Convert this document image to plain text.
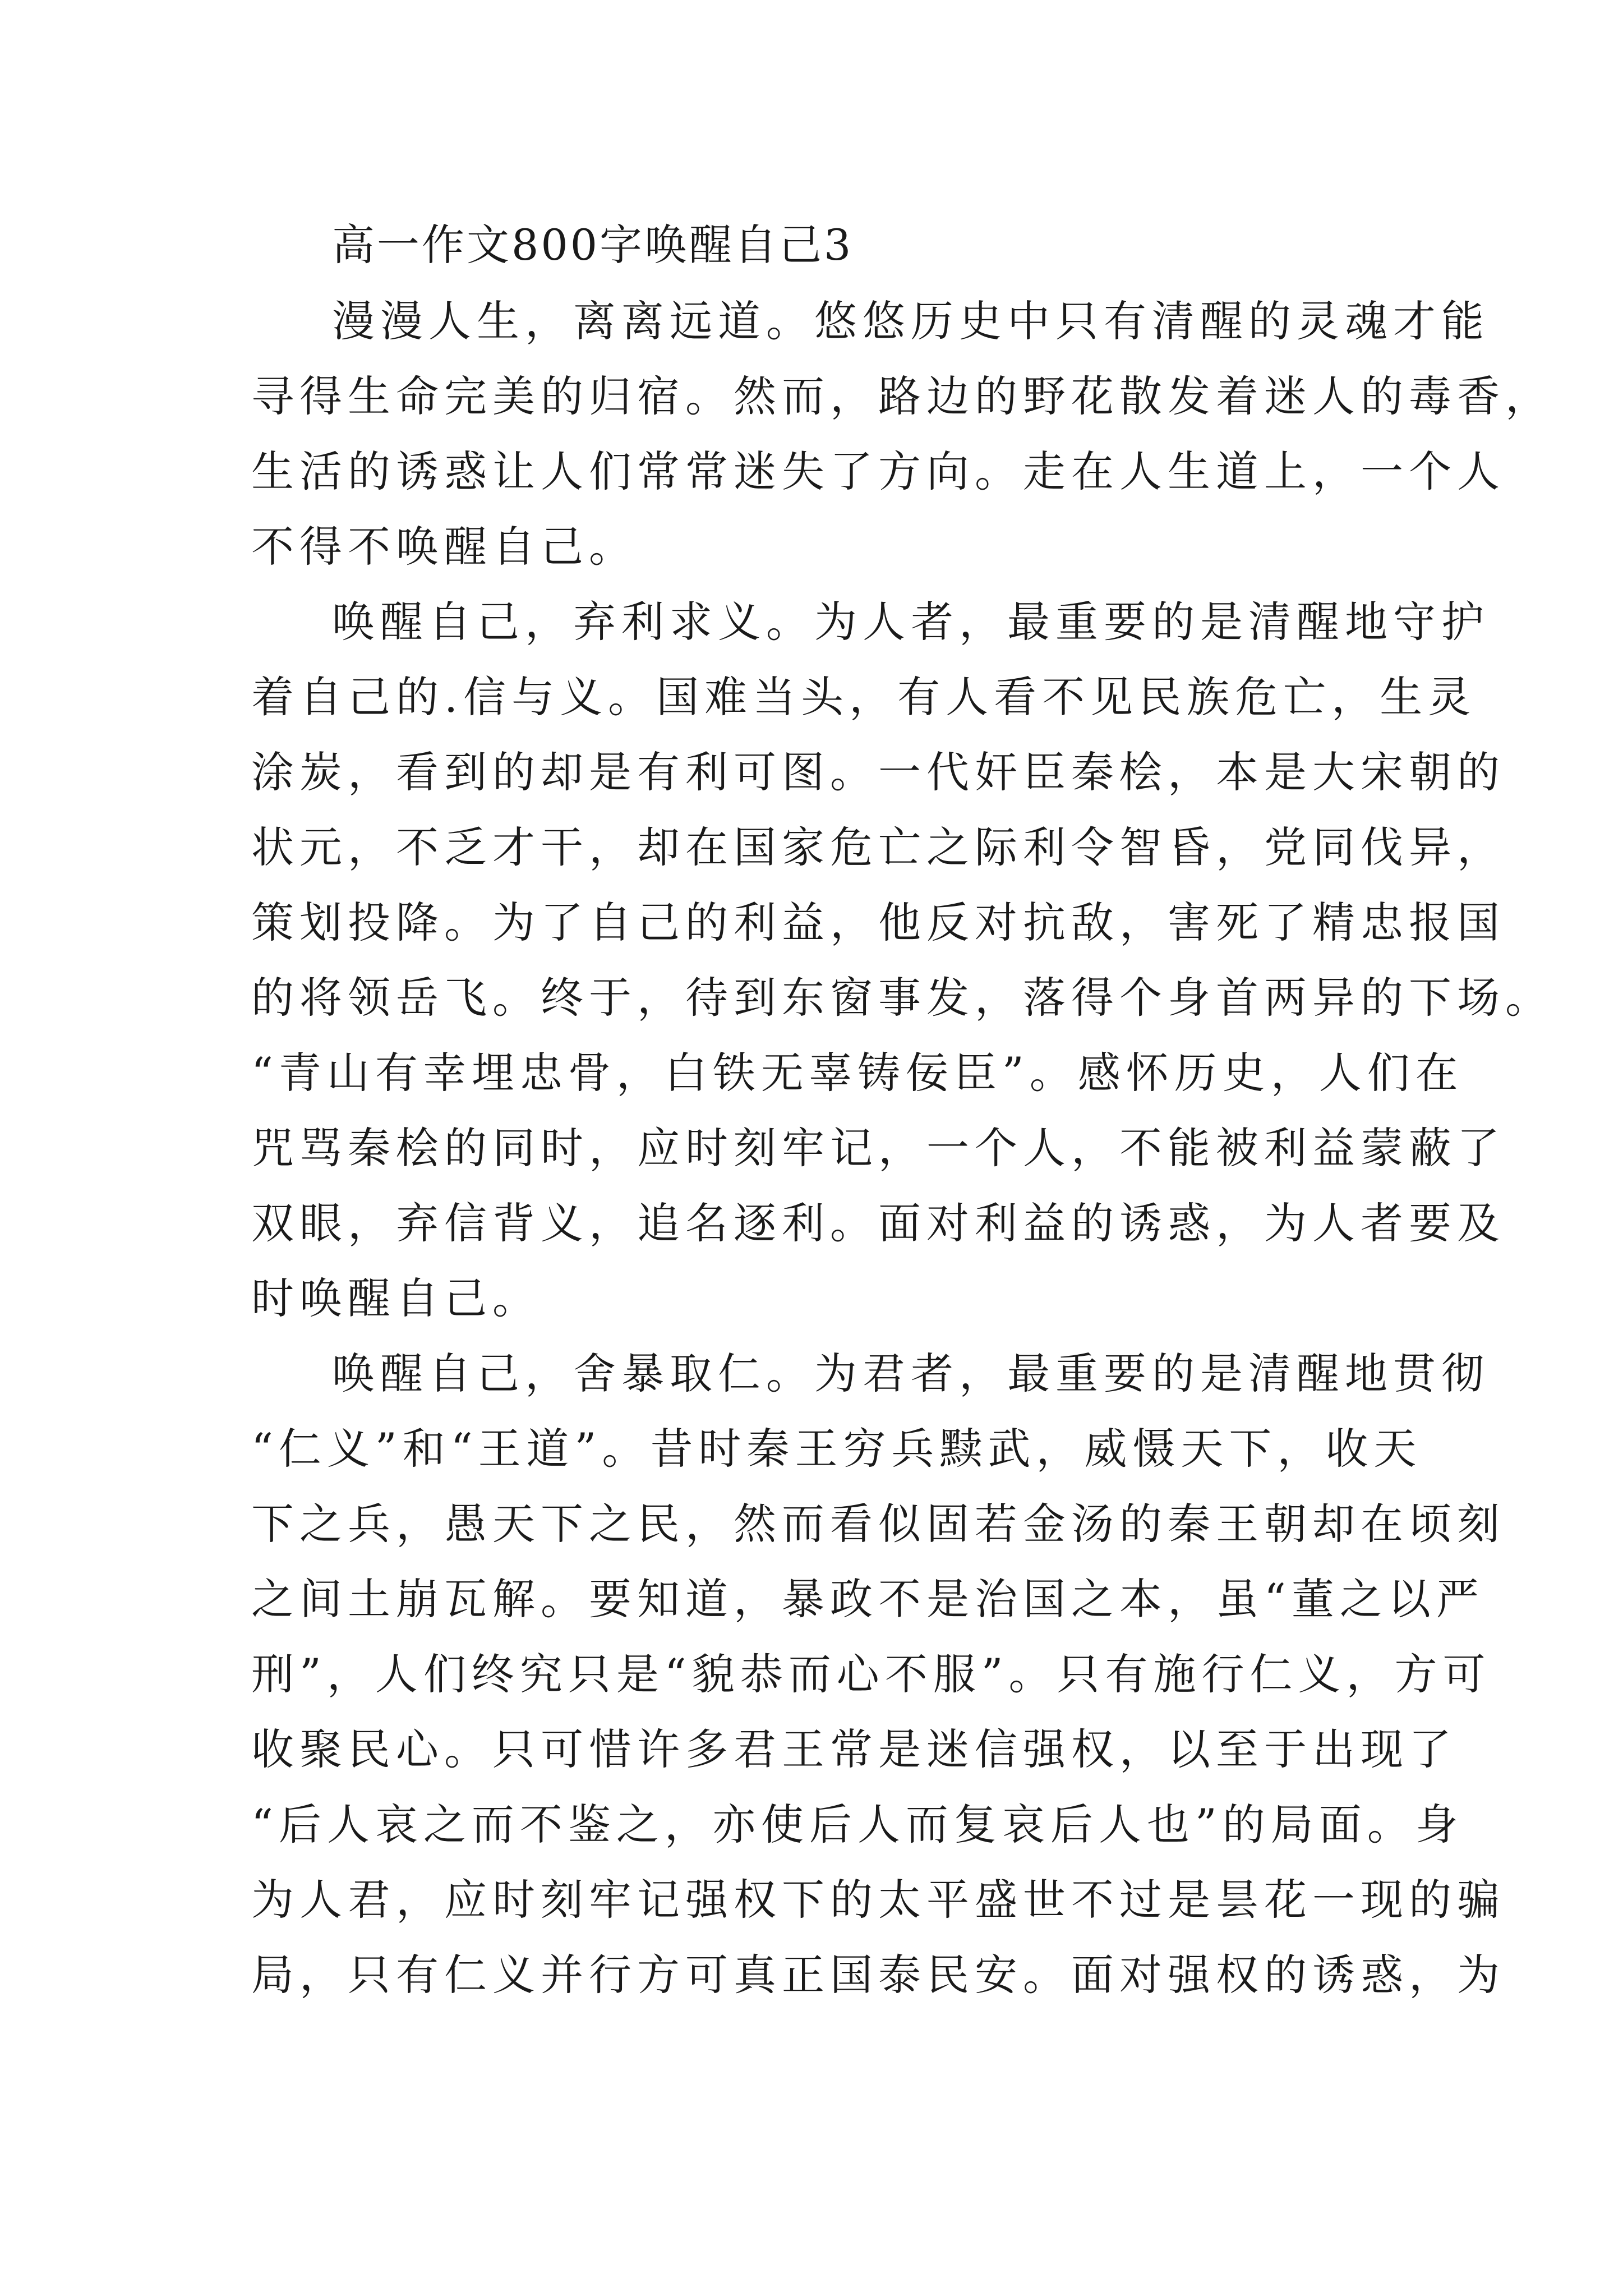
高一作文800字唤醒自己3

漫漫人生，离离远道。悠悠历史中只有清醒的灵魂才能

寻得生命完美的归宿。然而，路边的野花散发着迷人的毒香，

生活的诱惑让人们常常迷失了方向。走在人生道上，一个人

不得不唤醒自己。

唤醒自己，弃利求义。为人者，最重要的是清醒地守护

着自己的.信与义。国难当头，有人看不见民族危亡，生灵

涂炭，看到的却是有利可图。一代奸臣秦桧，本是大宋朝的

状元，不乏才干，却在国家危亡之际利令智昏，党同伐异，

策划投降。为了自己的利益，他反对抗敌，害死了精忠报国

的将领岳飞。终于，待到东窗事发，落得个身首两异的下场。

“青山有幸埋忠骨，白铁无辜铸佞臣”。感怀历史，人们在

咒骂秦桧的同时，应时刻牢记，一个人，不能被利益蒙蔽了

双眼，弃信背义，追名逐利。面对利益的诱惑，为人者要及

时唤醒自己。

唤醒自己，舍暴取仁。为君者，最重要的是清醒地贯彻

“仁义”和“王道”。昔时秦王穷兵黩武，威慑天下，收天

下之兵，愚天下之民，然而看似固若金汤的秦王朝却在顷刻

之间土崩瓦解。要知道，暴政不是治国之本，虽“董之以严

刑”，人们终究只是“貌恭而心不服”。只有施行仁义，方可

收聚民心。只可惜许多君王常是迷信强权，以至于出现了

“后人哀之而不鉴之，亦使后人而复哀后人也”的局面。身

为人君，应时刻牢记强权下的太平盛世不过是昙花一现的骗

局，只有仁义并行方可真正国泰民安。面对强权的诱惑，为
